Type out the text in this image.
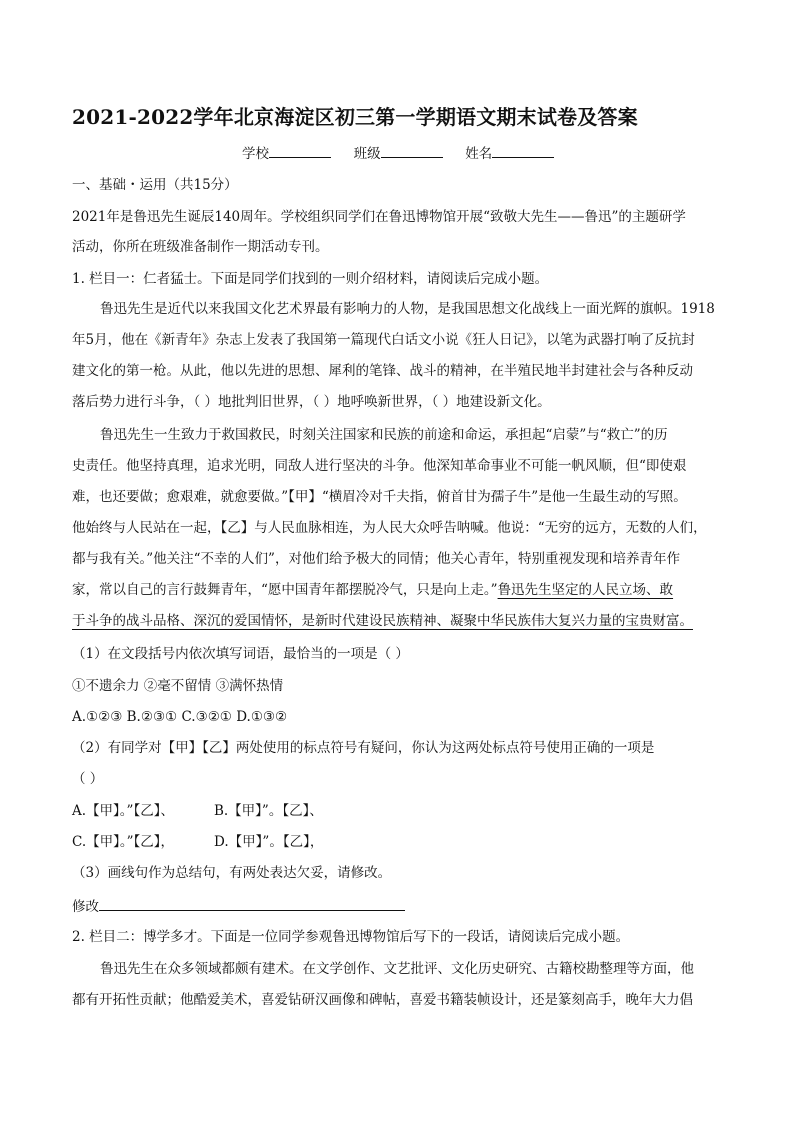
2021-2022学年北京海淀区初三第一学期语文期末试卷及答案
学校	班级	姓名
一、基础・运用（共15分）
2021年是鲁迅先生诞辰140周年。学校组织同学们在鲁迅博物馆开展“致敬大先生——鲁迅”的主题研学
活动，你所在班级准备制作一期活动专刊。
1. 栏目一：仁者猛士。下面是同学们找到的一则介绍材料，请阅读后完成小题。
鲁迅先生是近代以来我国文化艺术界最有影响力的人物，是我国思想文化战线上一面光辉的旗帜。1918
年5月，他在《新青年》杂志上发表了我国第一篇现代白话文小说《狂人日记》，以笔为武器打响了反抗封
建文化的第一枪。从此，他以先进的思想、犀利的笔锋、战斗的精神，在半殖民地半封建社会与各种反动
落后势力进行斗争，（ ）地批判旧世界，（ ）地呼唤新世界，（ ）地建设新文化。
鲁迅先生一生致力于救国救民，时刻关注国家和民族的前途和命运，承担起“启蒙”与“救亡”的历
史责任。他坚持真理，追求光明，同敌人进行坚决的斗争。他深知革命事业不可能一帆风顺，但“即使艰
难，也还要做；愈艰难，就愈要做。”【甲】“横眉冷对千夫指，俯首甘为孺子牛”是他一生最生动的写照。
他始终与人民站在一起，【乙】与人民血脉相连，为人民大众呼告呐喊。他说：“无穷的远方，无数的人们，
都与我有关。”他关注“不幸的人们”，对他们给予极大的同情；他关心青年，特别重视发现和培养青年作
家，常以自己的言行鼓舞青年，“愿中国青年都摆脱冷气，只是向上走。”鲁迅先生坚定的人民立场、敢
于斗争的战斗品格、深沉的爱国情怀，是新时代建设民族精神、凝聚中华民族伟大复兴力量的宝贵财富。
（1）在文段括号内依次填写词语，最恰当的一项是（ ）
①不遗余力 ②毫不留情 ③满怀热情
A.①②③ B.②③① C.③②① D.①③②
（2）有同学对【甲】【乙】两处使用的标点符号有疑问，你认为这两处标点符号使用正确的一项是
（ ）
A.【甲】。”【乙】、	B.【甲】”。【乙】、
C.【甲】。”【乙】，	D.【甲】”。【乙】，
（3）画线句作为总结句，有两处表达欠妥，请修改。
修改
2. 栏目二：博学多才。下面是一位同学参观鲁迅博物馆后写下的一段话，请阅读后完成小题。
鲁迅先生在众多领域都颇有建术。在文学创作、文艺批评、文化历史研究、古籍校勘整理等方面，他
都有开拓性贡献；他酷爱美术，喜爱钻研汉画像和碑帖，喜爱书籍装帧设计，还是篆刻高手，晚年大力倡
